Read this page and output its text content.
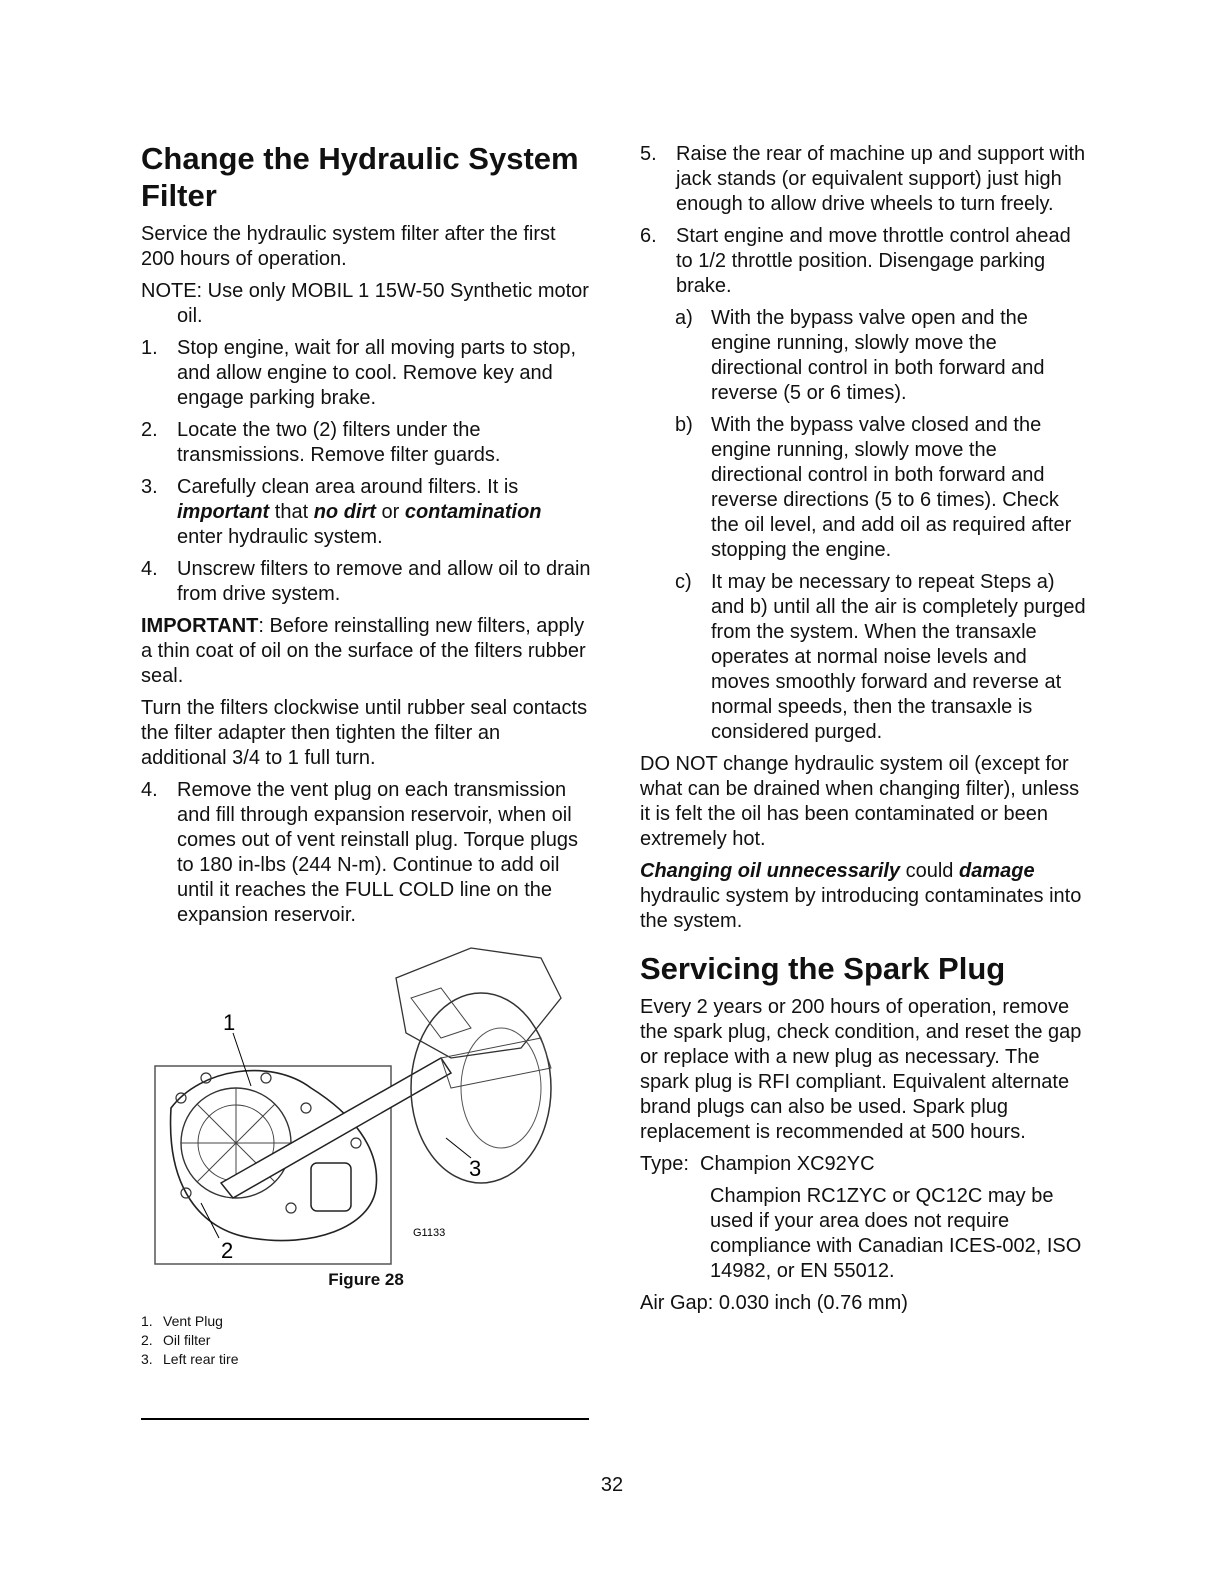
Change the Hydraulic System Filter

Service the hydraulic system filter after the first 200 hours of operation.

NOTE: Use only MOBIL 1 15W-50 Synthetic motor oil.

1. Stop engine, wait for all moving parts to stop, and allow engine to cool. Remove key and engage parking brake.
2. Locate the two (2) filters under the transmissions. Remove filter guards.
3. Carefully clean area around filters. It is important that no dirt or contamination enter hydraulic system.
4. Unscrew filters to remove and allow oil to drain from drive system.

IMPORTANT: Before reinstalling new filters, apply a thin coat of oil on the surface of the filters rubber seal.

Turn the filters clockwise until rubber seal contacts the filter adapter then tighten the filter an additional 3/4 to 1 full turn.

4. Remove the vent plug on each transmission and fill through expansion reservoir, when oil comes out of vent reinstall plug. Torque plugs to 180 in-lbs (244 N-m). Continue to add oil until it reaches the FULL COLD line on the expansion reservoir.
1
2
3
G1133
Figure 28
1. Vent Plug
2. Oil filter
3. Left rear tire
5. Raise the rear of machine up and support with jack stands (or equivalent support) just high enough to allow drive wheels to turn freely.
6. Start engine and move throttle control ahead to 1/2 throttle position. Disengage parking brake.
a) With the bypass valve open and the engine running, slowly move the directional control in both forward and reverse (5 or 6 times).
b) With the bypass valve closed and the engine running, slowly move the directional control in both forward and reverse directions (5 to 6 times). Check the oil level, and add oil as required after stopping the engine.
c) It may be necessary to repeat Steps a) and b) until all the air is completely purged from the system. When the transaxle operates at normal noise levels and moves smoothly forward and reverse at normal speeds, then the transaxle is considered purged.

DO NOT change hydraulic system oil (except for what can be drained when changing filter), unless it is felt the oil has been contaminated or been extremely hot.

Changing oil unnecessarily could damage hydraulic system by introducing contaminates into the system.

Servicing the Spark Plug

Every 2 years or 200 hours of operation, remove the spark plug, check condition, and reset the gap or replace with a new plug as necessary. The spark plug is RFI compliant. Equivalent alternate brand plugs can also be used. Spark plug replacement is recommended at 500 hours.

Type: Champion XC92YC
Champion RC1ZYC or QC12C may be used if your area does not require compliance with Canadian ICES-002, ISO 14982, or EN 55012.

Air Gap: 0.030 inch (0.76 mm)

32
